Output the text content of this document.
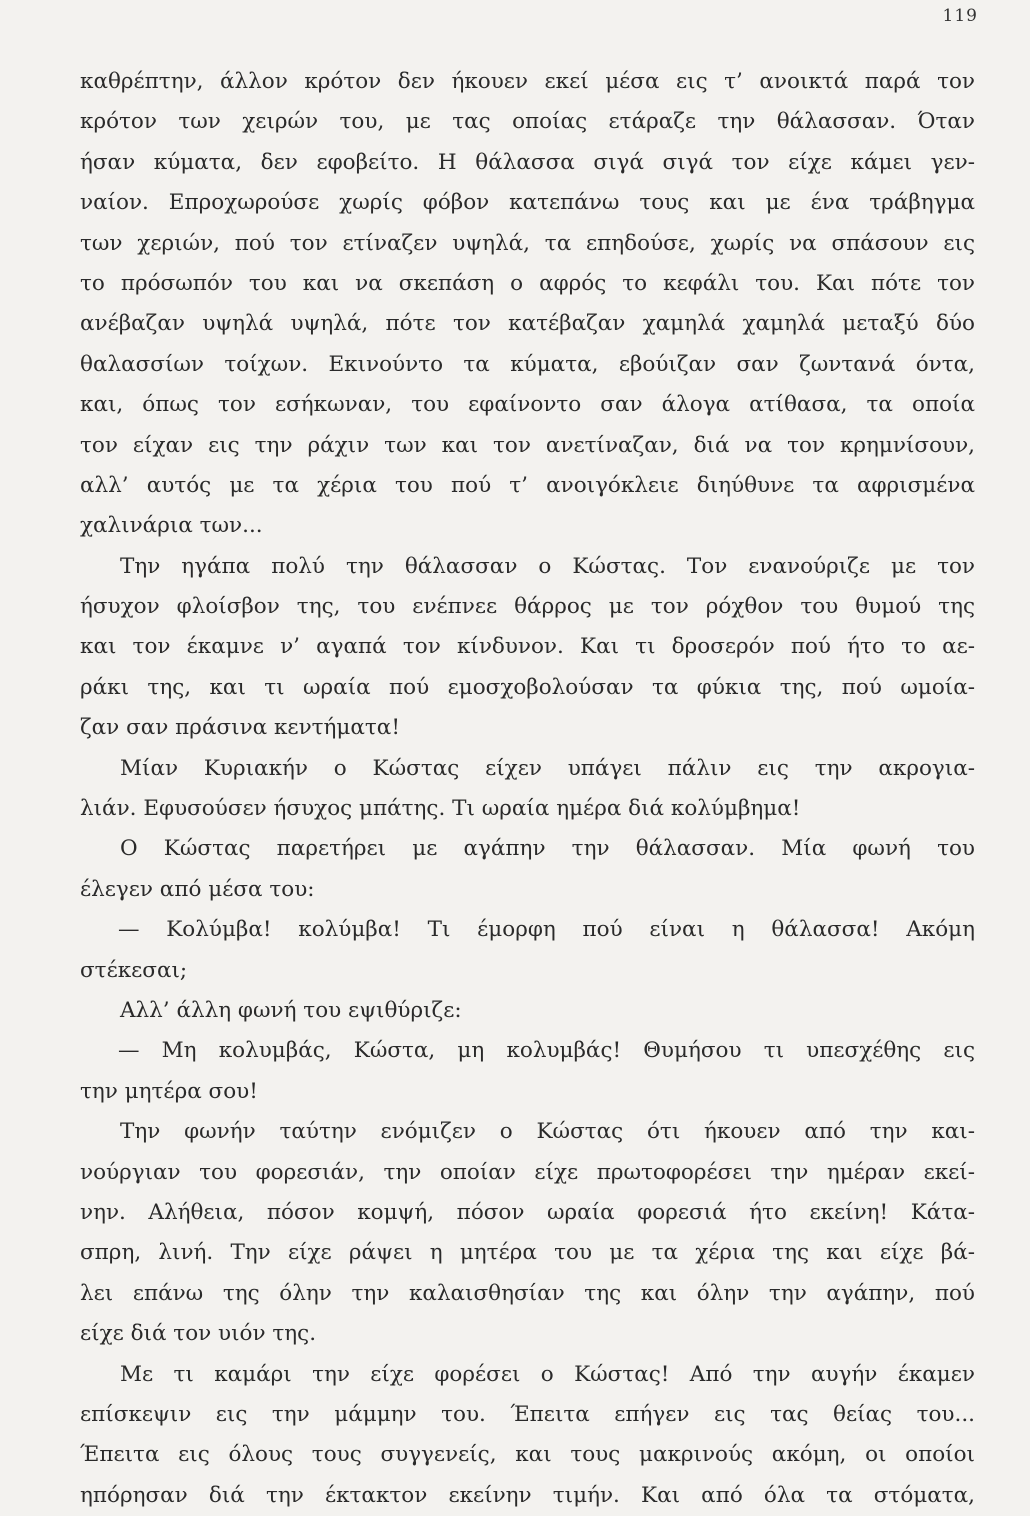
119
καθρέπτην, άλλον κρότον δεν ήκουεν εκεί μέσα εις τ’ ανοικτά παρά τον
κρότον των χειρών του, με τας οποίας ετάραζε την θάλασσαν. Όταν
ήσαν κύματα, δεν εφοβείτο. Η θάλασσα σιγά σιγά τον είχε κάμει γεν-
ναίον. Επροχωρούσε χωρίς φόβον κατεπάνω τους και με ένα τράβηγμα
των χεριών, πού τον ετίναζεν υψηλά, τα επηδούσε, χωρίς να σπάσουν εις
το πρόσωπόν του και να σκεπάση ο αφρός το κεφάλι του. Και πότε τον
ανέβαζαν υψηλά υψηλά, πότε τον κατέβαζαν χαμηλά χαμηλά μεταξύ δύο
θαλασσίων τοίχων. Εκινούντο τα κύματα, εβούιζαν σαν ζωντανά όντα,
και, όπως τον εσήκωναν, του εφαίνοντο σαν άλογα ατίθασα, τα οποία
τον είχαν εις την ράχιν των και τον ανετίναζαν, διά να τον κρημνίσουν,
αλλ’ αυτός με τα χέρια του πού τ’ ανοιγόκλειε διηύθυνε τα αφρισμένα
χαλινάρια των...
Την ηγάπα πολύ την θάλασσαν ο Κώστας. Τον ενανούριζε με τον
ήσυχον φλοίσβον της, του ενέπνεε θάρρος με τον ρόχθον του θυμού της
και τον έκαμνε ν’ αγαπά τον κίνδυνον. Και τι δροσερόν πού ήτο το αε-
ράκι της, και τι ωραία πού εμοσχοβολούσαν τα φύκια της, πού ωμοία-
ζαν σαν πράσινα κεντήματα!
Μίαν Κυριακήν ο Κώστας είχεν υπάγει πάλιν εις την ακρογια-
λιάν. Εφυσούσεν ήσυχος μπάτης. Τι ωραία ημέρα διά κολύμβημα!
Ο Κώστας παρετήρει με αγάπην την θάλασσαν. Μία φωνή του
έλεγεν από μέσα του:
— Κολύμβα! κολύμβα! Τι έμορφη πού είναι η θάλασσα! Ακόμη
στέκεσαι;
Αλλ’ άλλη φωνή του εψιθύριζε:
— Μη κολυμβάς, Κώστα, μη κολυμβάς! Θυμήσου τι υπεσχέθης εις
την μητέρα σου!
Την φωνήν ταύτην ενόμιζεν ο Κώστας ότι ήκουεν από την και-
νούργιαν του φορεσιάν, την οποίαν είχε πρωτοφορέσει την ημέραν εκεί-
νην. Αλήθεια, πόσον κομψή, πόσον ωραία φορεσιά ήτο εκείνη! Κάτα-
σπρη, λινή. Την είχε ράψει η μητέρα του με τα χέρια της και είχε βά-
λει επάνω της όλην την καλαισθησίαν της και όλην την αγάπην, πού
είχε διά τον υιόν της.
Με τι καμάρι την είχε φορέσει ο Κώστας! Από την αυγήν έκαμεν
επίσκεψιν εις την μάμμην του. Έπειτα επήγεν εις τας θείας του...
Έπειτα εις όλους τους συγγενείς, και τους μακρινούς ακόμη, οι οποίοι
ηπόρησαν διά την έκτακτον εκείνην τιμήν. Και από όλα τα στόματα,
